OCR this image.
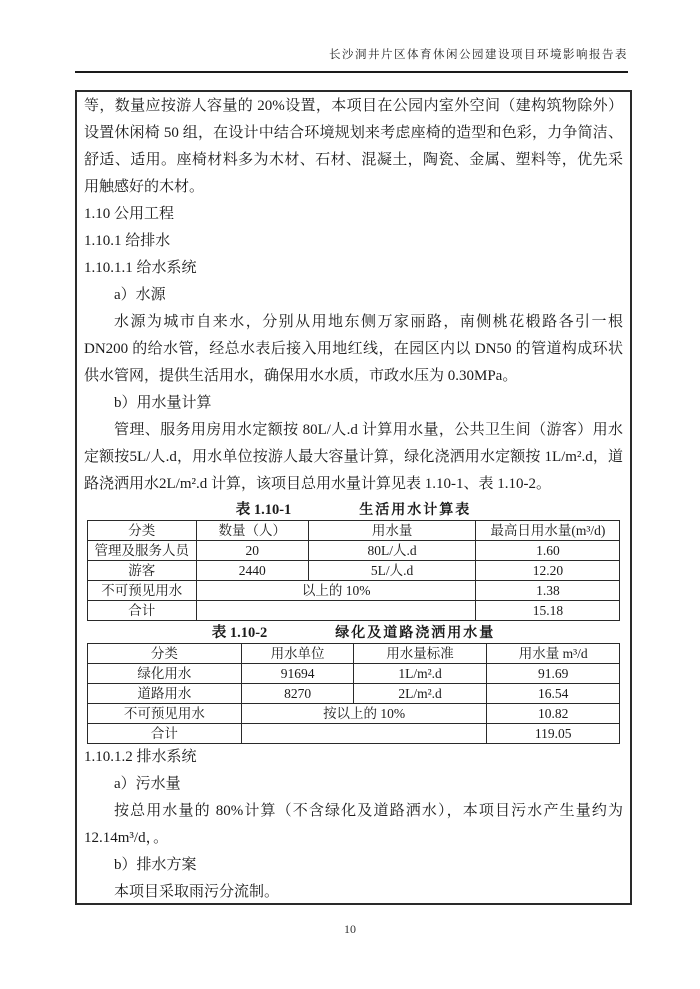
长沙洞井片区体育休闲公园建设项目环境影响报告表

等，数量应按游人容量的 20%设置，本项目在公园内室外空间（建构筑物除外）设置休闲椅 50 组，在设计中结合环境规划来考虑座椅的造型和色彩，力争简洁、舒适、适用。座椅材料多为木材、石材、混凝土，陶瓷、金属、塑料等，优先采用触感好的木材。

1.10 公用工程

1.10.1 给排水

1.10.1.1 给水系统

a）水源

水源为城市自来水，分别从用地东侧万家丽路，南侧桃花椴路各引一根 DN200 的给水管，经总水表后接入用地红线，在园区内以 DN50 的管道构成环状供水管网，提供生活用水，确保用水水质，市政水压为 0.30MPa。

b）用水量计算

管理、服务用房用水定额按 80L/人.d 计算用水量，公共卫生间（游客）用水定额按5L/人.d，用水单位按游人最大容量计算，绿化浇洒用水定额按 1L/m².d，道路浇洒用水2L/m².d 计算，该项目总用水量计算见表 1.10-1、表 1.10-2。

表 1.10-1	生活用水计算表
分类	数量（人）	用水量	最高日用水量(m³/d)
管理及服务人员	20	80L/人.d	1.60
游客	2440	5L/人.d	12.20
不可预见用水	以上的 10%		1.38
合计			15.18
表 1.10-2	绿化及道路浇洒用水量
分类	用水单位	用水量标准	用水量 m³/d
绿化用水	91694	1L/m².d	91.69
道路用水	8270	2L/m².d	16.54
不可预见用水	按以上的 10%		10.82
合计			119.05

1.10.1.2 排水系统

a）污水量

按总用水量的 80%计算（不含绿化及道路洒水），本项目污水产生量约为12.14m³/d，。

b）排水方案

本项目采取雨污分流制。

10
